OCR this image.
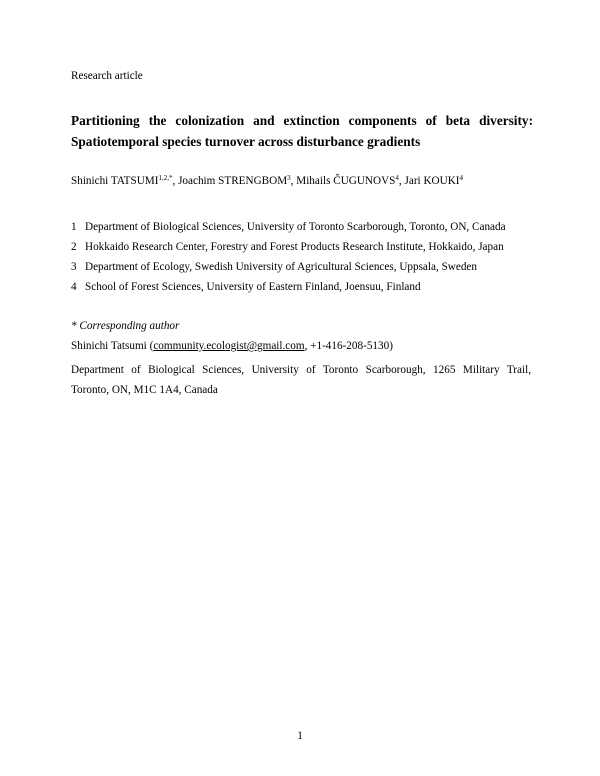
Research article
Partitioning the colonization and extinction components of beta diversity:
Spatiotemporal species turnover across disturbance gradients
Shinichi $TATSUMI^{1,2,*}$, Joachim STRENGBOM$^3$, Mihails ČUGUNOVS$^4$, Jari KOUKI$^4$
1 Department of Biological Sciences, University of Toronto Scarborough, Toronto, ON, Canada
2 Hokkaido Research Center, Forestry and Forest Products Research Institute, Hokkaido, Japan
3 Department of Ecology, Swedish University of Agricultural Sciences, Uppsala, Sweden
4 School of Forest Sciences, University of Eastern Finland, Joensuu, Finland
* Corresponding author
Shinichi Tatsumi (community.ecologist@gmail.com, +1-416-208-5130)
Department of Biological Sciences, University of Toronto Scarborough, 1265 Military Trail,
Toronto, ON, M1C 1A4, Canada
1
